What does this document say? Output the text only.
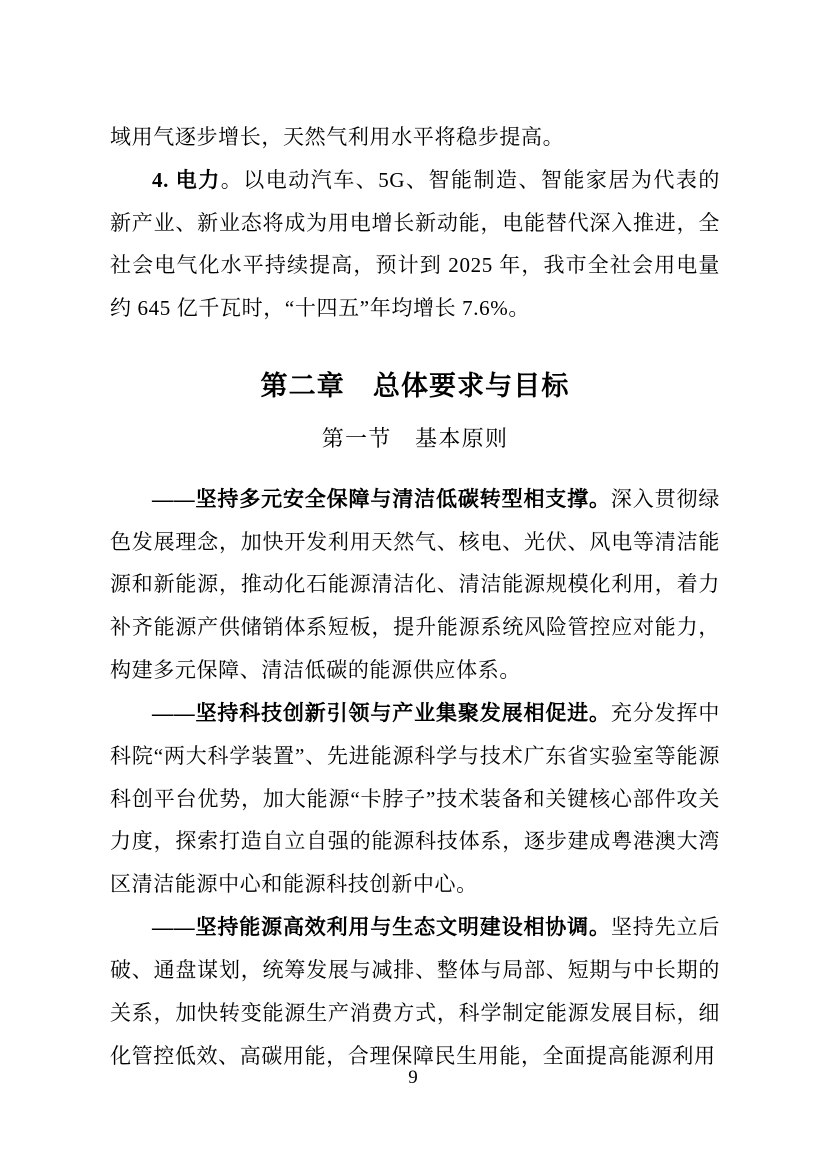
域用气逐步增长，天然气利用水平将稳步提高。

4. 电力。以电动汽车、5G、智能制造、智能家居为代表的新产业、新业态将成为用电增长新动能，电能替代深入推进，全社会电气化水平持续提高，预计到 2025 年，我市全社会用电量约 645 亿千瓦时，“十四五”年均增长 7.6%。

第二章　总体要求与目标
第一节　基本原则

——坚持多元安全保障与清洁低碳转型相支撑。深入贯彻绿色发展理念，加快开发利用天然气、核电、光伏、风电等清洁能源和新能源，推动化石能源清洁化、清洁能源规模化利用，着力补齐能源产供储销体系短板，提升能源系统风险管控应对能力，构建多元保障、清洁低碳的能源供应体系。

——坚持科技创新引领与产业集聚发展相促进。充分发挥中科院“两大科学装置”、先进能源科学与技术广东省实验室等能源科创平台优势，加大能源“卡脖子”技术装备和关键核心部件攻关力度，探索打造自立自强的能源科技体系，逐步建成粤港澳大湾区清洁能源中心和能源科技创新中心。

——坚持能源高效利用与生态文明建设相协调。坚持先立后破、通盘谋划，统筹发展与减排、整体与局部、短期与中长期的关系，加快转变能源生产消费方式，科学制定能源发展目标，细化管控低效、高碳用能，合理保障民生用能，全面提高能源利用

9
